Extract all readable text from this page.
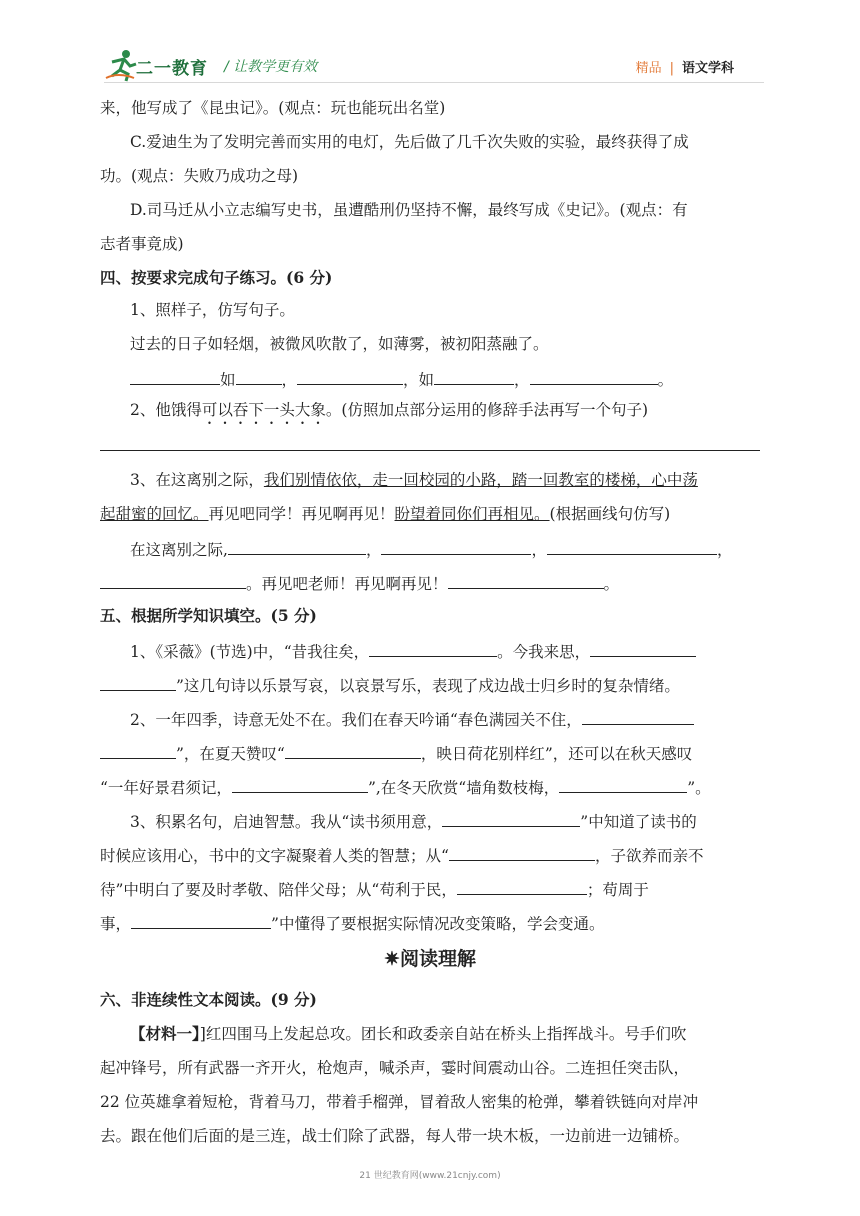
二一教育 / 让教学更有效	精品 | 语文学科
来，他写成了《昆虫记》。(观点：玩也能玩出名堂)
C.爱迪生为了发明完善而实用的电灯，先后做了几千次失败的实验，最终获得了成
功。(观点：失败乃成功之母)
D.司马迁从小立志编写史书，虽遭酷刑仍坚持不懈，最终写成《史记》。(观点：有
志者事竟成)
四、按要求完成句子练习。(6 分)
1、照样子，仿写句子。
过去的日子如轻烟，被微风吹散了，如薄雾，被初阳蒸融了。
如	，	，如	，	。
2、他饿得可以吞下一头大象。(仿照加点部分运用的修辞手法再写一个句子)
3、在这离别之际，我们别情依依，走一回校园的小路，踏一回教室的楼梯，心中荡
起甜蜜的回忆。再见吧同学！再见啊再见！盼望着同你们再相见。(根据画线句仿写)
在这离别之际,	，	，	，
。再见吧老师！再见啊再见！	。
五、根据所学知识填空。(5 分)
1、《采薇》(节选)中，“昔我往矣，	。今我来思，
”这几句诗以乐景写哀，以哀景写乐，表现了戍边战士归乡时的复杂情绪。
2、一年四季，诗意无处不在。我们在春天吟诵“春色满园关不住，
”，在夏天赞叹“	，映日荷花别样红”，还可以在秋天感叹
“一年好景君须记，	”,在冬天欣赏“墙角数枝梅，	”。
3、积累名句，启迪智慧。我从“读书须用意，	”中知道了读书的
时候应该用心，书中的文字凝聚着人类的智慧；从“	，子欲养而亲不
待”中明白了要及时孝敬、陪伴父母；从“苟利于民，	；苟周于
事，	”中懂得了要根据实际情况改变策略，学会变通。
✷阅读理解
六、非连续性文本阅读。(9 分)
【材料一】]红四围马上发起总攻。团长和政委亲自站在桥头上指挥战斗。号手们吹
起冲锋号，所有武器一齐开火，枪炮声，喊杀声，霎时间震动山谷。二连担任突击队，
22 位英雄拿着短枪，背着马刀，带着手榴弹，冒着敌人密集的枪弹，攀着铁链向对岸冲
去。跟在他们后面的是三连，战士们除了武器，每人带一块木板，一边前进一边铺桥。
21 世纪教育网(www.21cnjy.com)
